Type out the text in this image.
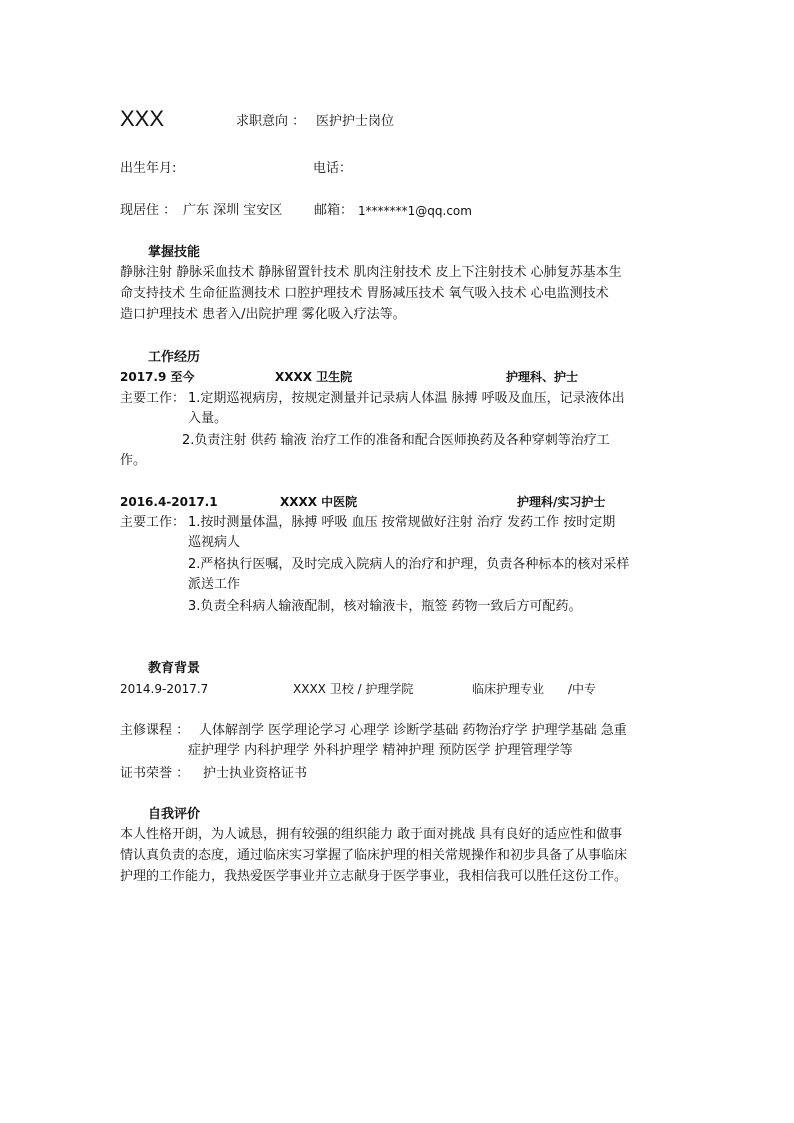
XXX	求职意向 ： 医护护士岗位
出生年月:	电话：
现居住 ： 广东 深圳 宝安区 邮箱： 1*******1@qq.com
掌握技能
静脉注射 静脉采血技术 静脉留置针技术 肌肉注射技术 皮上下注射技术 心肺复苏基本生
命支持技术 生命征监测技术 口腔护理技术 胃肠减压技术 氧气吸入技术 心电监测技术
造口护理技术 患者入/出院护理 雾化吸入疗法等。
工作经历
2017.9 至今	XXXX 卫生院	护理科、护士
主要工作： 1.定期巡视病房，按规定测量并记录病人体温 脉搏 呼吸及血压，记录液体出
入量。
2.负责注射 供药 输液 治疗工作的准备和配合医师换药及各种穿刺等治疗工
作。
2016.4-2017.1	XXXX 中医院	护理科/实习护士
主要工作： 1.按时测量体温，脉搏 呼吸 血压 按常规做好注射 治疗 发药工作 按时定期
巡视病人
2.严格执行医嘱，及时完成入院病人的治疗和护理，负责各种标本的核对采样
派送工作
3.负责全科病人输液配制，核对输液卡，瓶签 药物一致后方可配药。
教育背景
2014.9-2017.7	XXXX 卫校 / 护理学院	临床护理专业 /中专
主修课程 ： 人体解剖学 医学理论学习 心理学 诊断学基础 药物治疗学 护理学基础 急重
症护理学 内科护理学 外科护理学 精神护理 预防医学 护理管理学等
证书荣誉 ： 护士执业资格证书
自我评价
本人性格开朗，为人诚恳，拥有较强的组织能力 敢于面对挑战 具有良好的适应性和做事
情认真负责的态度，通过临床实习掌握了临床护理的相关常规操作和初步具备了从事临床
护理的工作能力，我热爱医学事业并立志献身于医学事业，我相信我可以胜任这份工作。
